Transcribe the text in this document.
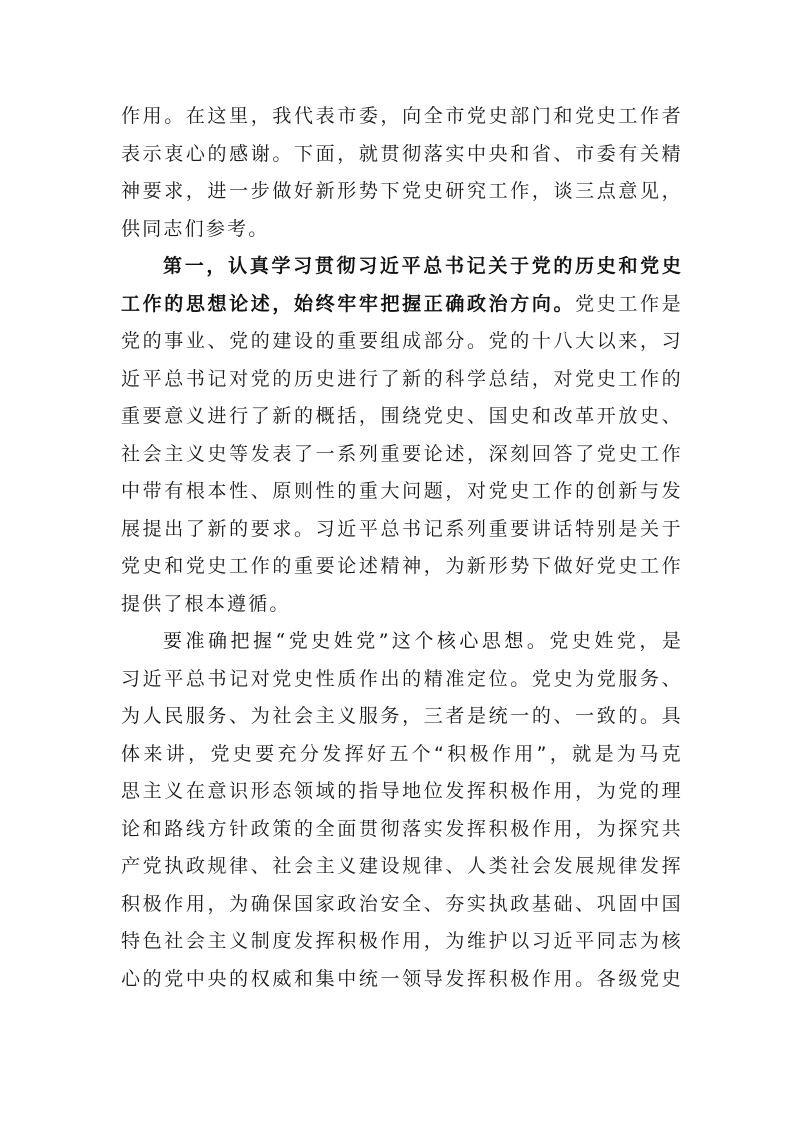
作 用 。 在 这 里 ， 我 代 表 市 委 ， 向 全 市 党 史 部 门 和 党 史 工 作 者
表 示 衷 心 的 感 谢 。 下 面 ， 就 贯 彻 落 实 中 央 和 省 、 市 委 有 关 精
神 要 求 ， 进 一 步 做 好 新 形 势 下 党 史 研 究 工 作 ， 谈 三 点 意 见 ，
供 同 志 们 参 考 。
第 一 ， 认 真 学 习 贯 彻 习 近 平 总 书 记 关 于 党 的 历 史 和 党 史
工 作 的 思 想 论 述 ， 始 终 牢 牢 把 握 正 确 政 治 方 向 。 党 史 工 作 是
党 的 事 业 、 党 的 建 设 的 重 要 组 成 部 分 。 党 的 十 八 大 以 来 ， 习
近 平 总 书 记 对 党 的 历 史 进 行 了 新 的 科 学 总 结 ， 对 党 史 工 作 的
重 要 意 义 进 行 了 新 的 概 括 ， 围 绕 党 史 、 国 史 和 改 革 开 放 史 、
社 会 主 义 史 等 发 表 了 一 系 列 重 要 论 述 ， 深 刻 回 答 了 党 史 工 作
中 带 有 根 本 性 、 原 则 性 的 重 大 问 题 ， 对 党 史 工 作 的 创 新 与 发
展 提 出 了 新 的 要 求 。 习 近 平 总 书 记 系 列 重 要 讲 话 特 别 是 关 于
党 史 和 党 史 工 作 的 重 要 论 述 精 神 ， 为 新 形 势 下 做 好 党 史 工 作
提 供 了 根 本 遵 循 。
要 准 确 把 握 “ 党 史 姓 党 ” 这 个 核 心 思 想 。 党 史 姓 党 ， 是
习 近 平 总 书 记 对 党 史 性 质 作 出 的 精 准 定 位 。 党 史 为 党 服 务 、
为 人 民 服 务 、 为 社 会 主 义 服 务 ， 三 者 是 统 一 的 、 一 致 的 。 具
体 来 讲 ， 党 史 要 充 分 发 挥 好 五 个 “ 积 极 作 用 ” ， 就 是 为 马 克
思 主 义 在 意 识 形 态 领 域 的 指 导 地 位 发 挥 积 极 作 用 ， 为 党 的 理
论 和 路 线 方 针 政 策 的 全 面 贯 彻 落 实 发 挥 积 极 作 用 ， 为 探 究 共
产 党 执 政 规 律 、 社 会 主 义 建 设 规 律 、 人 类 社 会 发 展 规 律 发 挥
积 极 作 用 ， 为 确 保 国 家 政 治 安 全 、 夯 实 执 政 基 础 、 巩 固 中 国
特 色 社 会 主 义 制 度 发 挥 积 极 作 用 ， 为 维 护 以 习 近 平 同 志 为 核
心 的 党 中 央 的 权 威 和 集 中 统 一 领 导 发 挥 积 极 作 用 。 各 级 党 史
